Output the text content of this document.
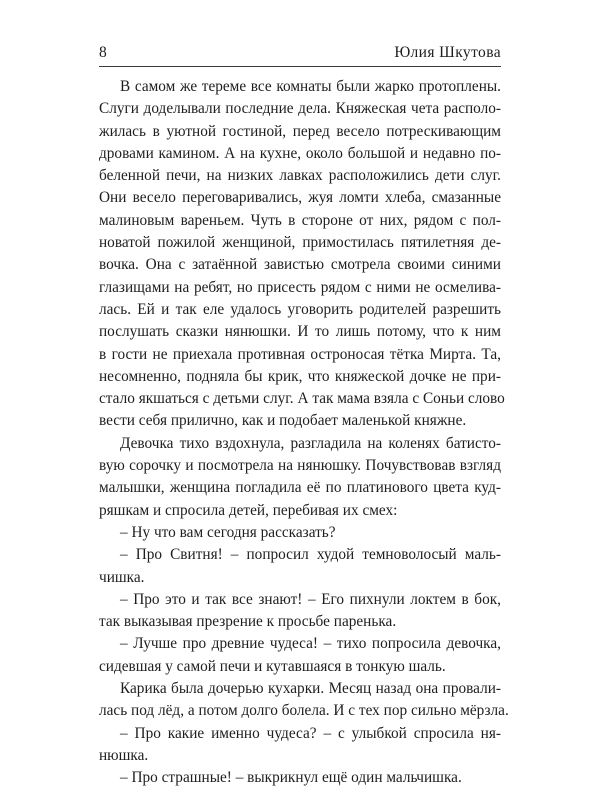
8	Юлия Шкутова
В самом же тереме все комнаты были жарко протоплены.
Слуги доделывали последние дела. Княжеская чета располо-
жилась в уютной гостиной, перед весело потрескивающим
дровами камином. А на кухне, около большой и недавно по-
беленной печи, на низких лавках расположились дети слуг.
Они весело переговаривались, жуя ломти хлеба, смазанные
малиновым вареньем. Чуть в стороне от них, рядом с пол-
новатой пожилой женщиной, примостилась пятилетняя де-
вочка. Она с затаённой завистью смотрела своими синими
глазищами на ребят, но присесть рядом с ними не осмелива-
лась. Ей и так еле удалось уговорить родителей разрешить
послушать сказки нянюшки. И то лишь потому, что к ним
в гости не приехала противная остроносая тётка Мирта. Та,
несомненно, подняла бы крик, что княжеской дочке не при-
стало якшаться с детьми слуг. А так мама взяла с Соньи слово
вести себя прилично, как и подобает маленькой княжне.
Девочка тихо вздохнула, разгладила на коленях батисто-
вую сорочку и посмотрела на нянюшку. Почувствовав взгляд
малышки, женщина погладила её по платинового цвета куд-
ряшкам и спросила детей, перебивая их смех:
– Ну что вам сегодня рассказать?
– Про Свитня! – попросил худой темноволосый маль-
чишка.
– Про это и так все знают! – Его пихнули локтем в бок,
так выказывая презрение к просьбе паренька.
– Лучше про древние чудеса! – тихо попросила девочка,
сидевшая у самой печи и кутавшаяся в тонкую шаль.
Карика была дочерью кухарки. Месяц назад она провали-
лась под лёд, а потом долго болела. И с тех пор сильно мёрзла.
– Про какие именно чудеса? – с улыбкой спросила ня-
нюшка.
– Про страшные! – выкрикнул ещё один мальчишка.
